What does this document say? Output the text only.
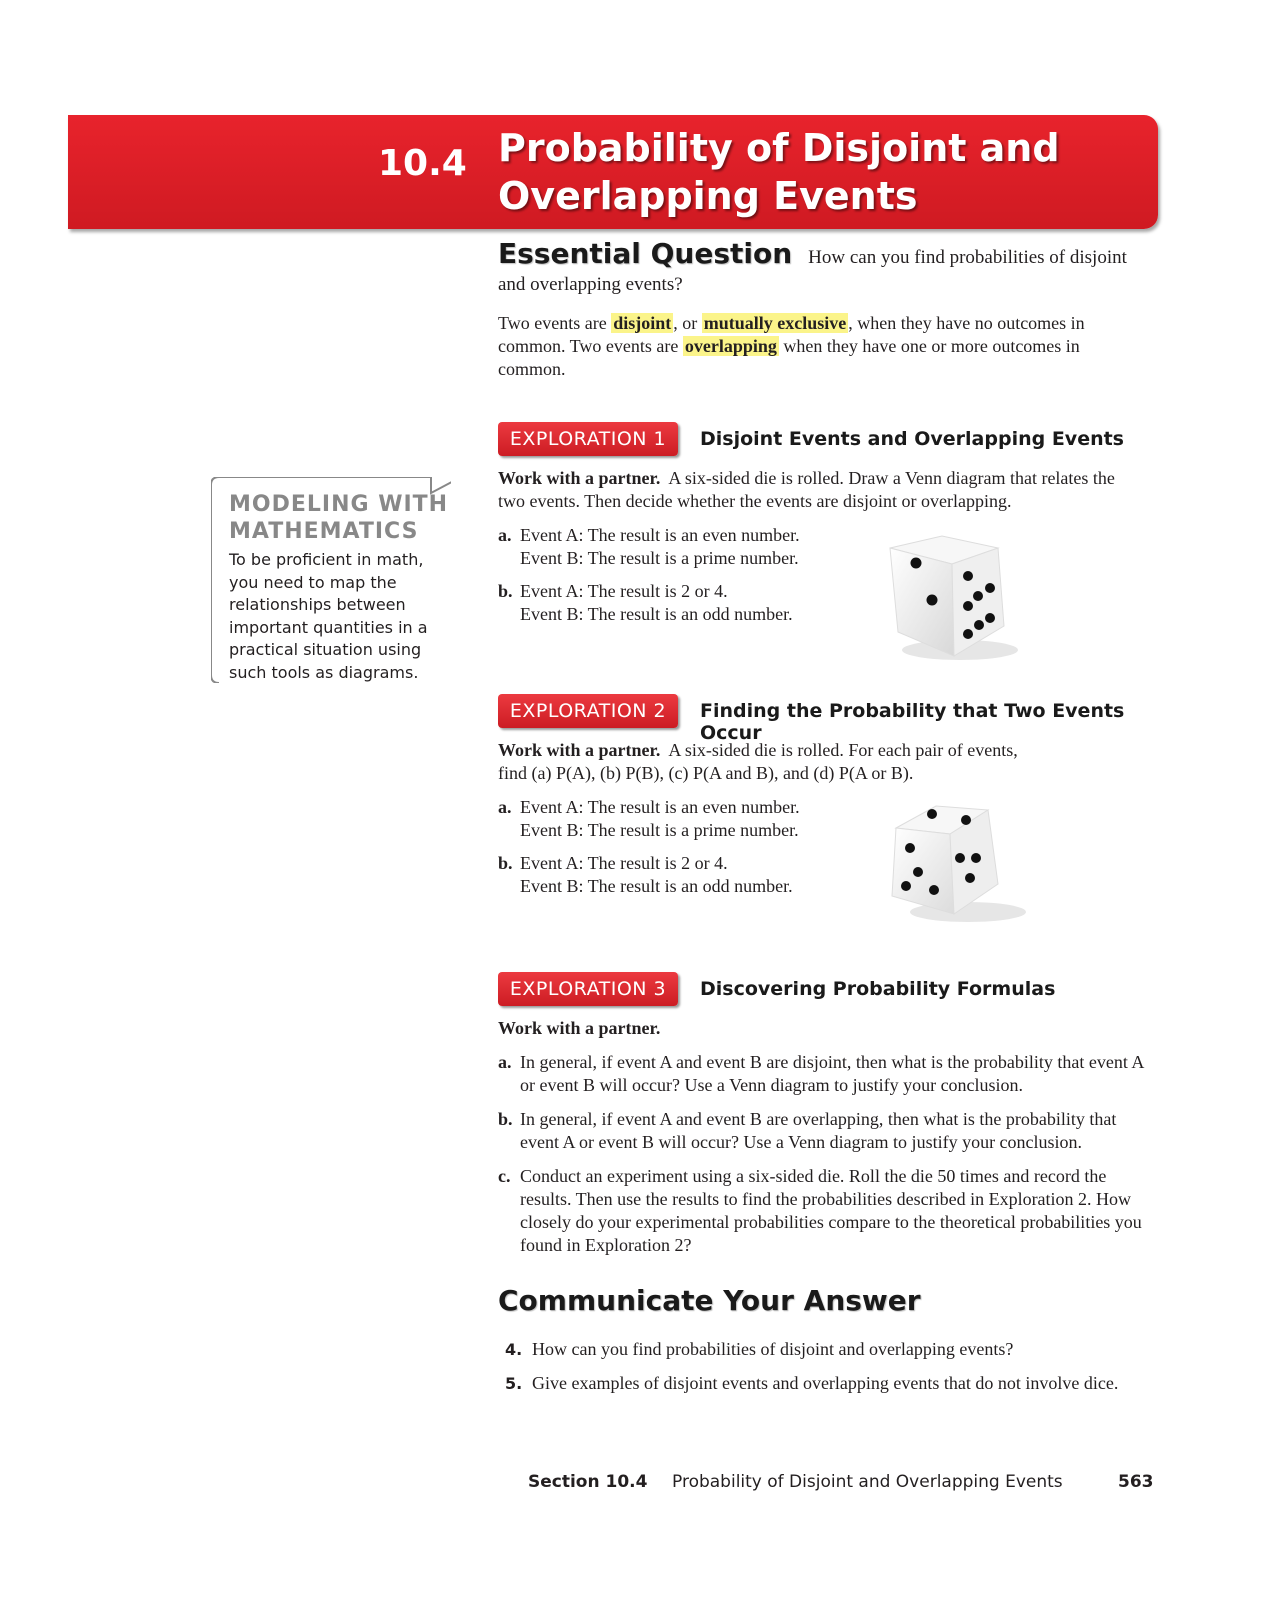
10.4 Probability of Disjoint and
Overlapping Events
Essential Question How can you find probabilities of disjoint and overlapping events?
Two events are disjoint , or mutually exclusive , when they have no outcomes in common. Two events are overlapping when they have one or more outcomes in common.
MODELING WITH MATHEMATICS
To be proficient in math, you need to map the relationships between important quantities in a practical situation using such tools as diagrams.
EXPLORATION 1	Disjoint Events and Overlapping Events
Work with a partner. A six-sided die is rolled. Draw a Venn diagram that relates the two events. Then decide whether the events are disjoint or overlapping.
a. Event A: The result is an even number.
Event B: The result is a prime number.
b. Event A: The result is 2 or 4.
Event B: The result is an odd number.
EXPLORATION 2	Finding the Probability that Two Events Occur
Work with a partner. A six-sided die is rolled. For each pair of events,
find (a) P(A), (b) P(B), (c) P(A and B), and (d) P(A or B).
a. Event A: The result is an even number.
Event B: The result is a prime number.
b. Event A: The result is 2 or 4.
Event B: The result is an odd number.
EXPLORATION 3	Discovering Probability Formulas
Work with a partner.
a. In general, if event A and event B are disjoint, then what is the probability that event A or event B will occur? Use a Venn diagram to justify your conclusion.
b. In general, if event A and event B are overlapping, then what is the probability that event A or event B will occur? Use a Venn diagram to justify your conclusion.
c. Conduct an experiment using a six-sided die. Roll the die 50 times and record the results. Then use the results to find the probabilities described in Exploration 2. How closely do your experimental probabilities compare to the theoretical probabilities you found in Exploration 2?
Communicate Your Answer
4. How can you find probabilities of disjoint and overlapping events?
5. Give examples of disjoint events and overlapping events that do not involve dice.
Section 10.4 Probability of Disjoint and Overlapping Events	563
